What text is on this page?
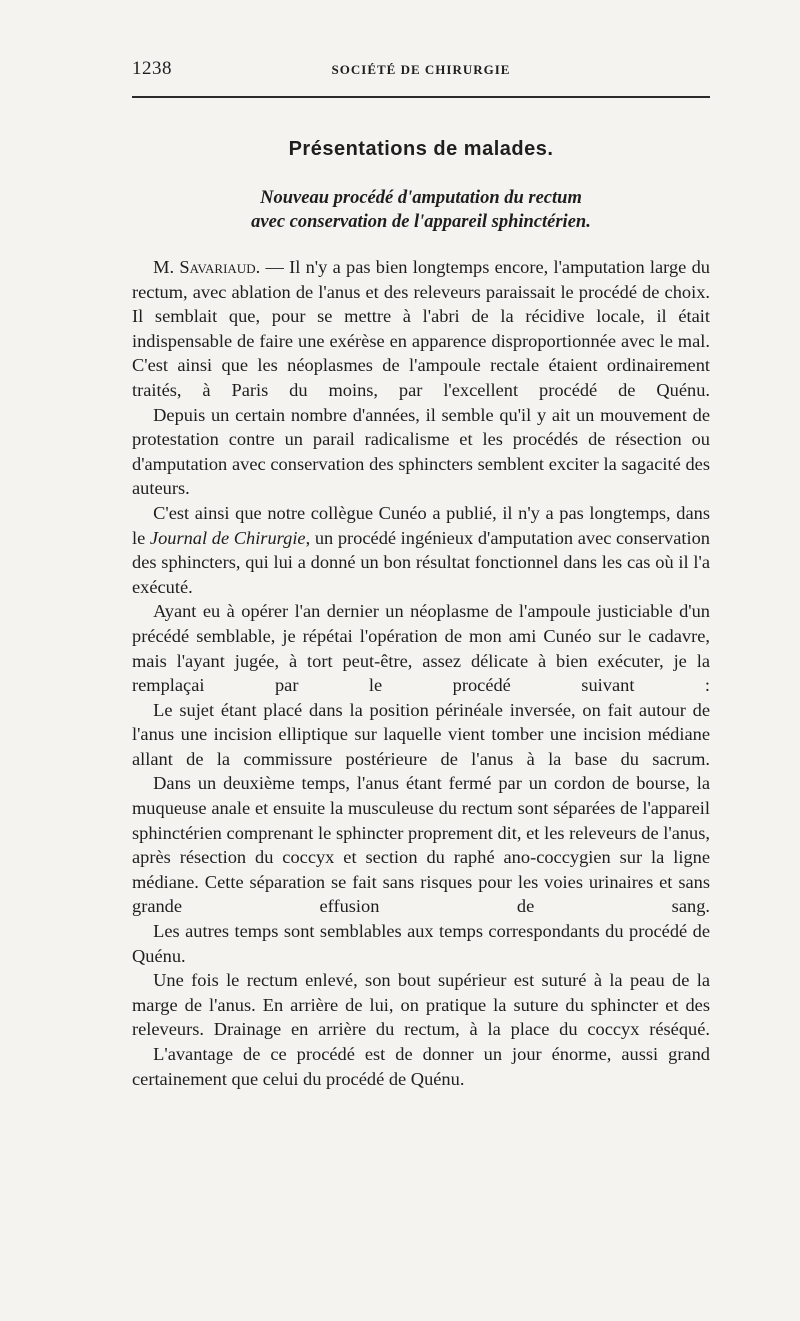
1238	SOCIÉTÉ DE CHIRURGIE
Présentations de malades.
Nouveau procédé d'amputation du rectum
avec conservation de l'appareil sphinctérien.

M. Savariaud. — Il n'y a pas bien longtemps encore, l'amputation large du rectum, avec ablation de l'anus et des releveurs paraissait le procédé de choix. Il semblait que, pour se mettre à l'abri de la récidive locale, il était indispensable de faire une exérèse en apparence disproportionnée avec le mal. C'est ainsi que les néoplasmes de l'ampoule rectale étaient ordinairement traités, à Paris du moins, par l'excellent procédé de Quénu.

Depuis un certain nombre d'années, il semble qu'il y ait un mouvement de protestation contre un parail radicalisme et les procédés de résection ou d'amputation avec conservation des sphincters semblent exciter la sagacité des auteurs.

C'est ainsi que notre collègue Cunéo a publié, il n'y a pas longtemps, dans le Journal de Chirurgie, un procédé ingénieux d'amputation avec conservation des sphincters, qui lui a donné un bon résultat fonctionnel dans les cas où il l'a exécuté.

Ayant eu à opérer l'an dernier un néoplasme de l'ampoule justiciable d'un précédé semblable, je répétai l'opération de mon ami Cunéo sur le cadavre, mais l'ayant jugée, à tort peut-être, assez délicate à bien exécuter, je la remplaçai par le procédé suivant :

Le sujet étant placé dans la position périnéale inversée, on fait autour de l'anus une incision elliptique sur laquelle vient tomber une incision médiane allant de la commissure postérieure de l'anus à la base du sacrum.

Dans un deuxième temps, l'anus étant fermé par un cordon de bourse, la muqueuse anale et ensuite la musculeuse du rectum sont séparées de l'appareil sphinctérien comprenant le sphincter proprement dit, et les releveurs de l'anus, après résection du coccyx et section du raphé ano-coccygien sur la ligne médiane. Cette séparation se fait sans risques pour les voies urinaires et sans grande effusion de sang.

Les autres temps sont semblables aux temps correspondants du procédé de Quénu.

Une fois le rectum enlevé, son bout supérieur est suturé à la peau de la marge de l'anus. En arrière de lui, on pratique la suture du sphincter et des releveurs. Drainage en arrière du rectum, à la place du coccyx réséqué.

L'avantage de ce procédé est de donner un jour énorme, aussi grand certainement que celui du procédé de Quénu.
